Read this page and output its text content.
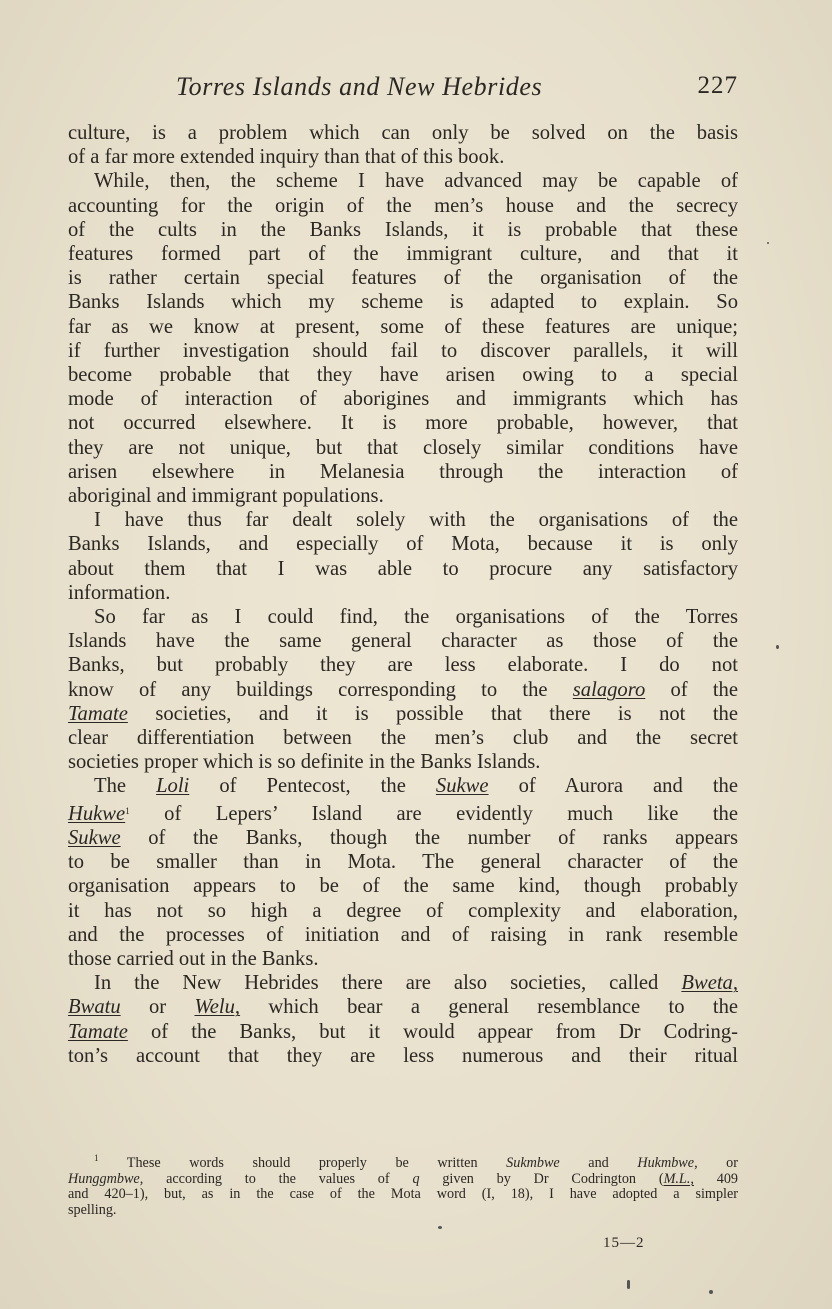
Torres Islands and New Hebrides	227
culture, is a problem which can only be solved on the basis
of a far more extended inquiry than that of this book.
While, then, the scheme I have advanced may be capable of
accounting for the origin of the men’s house and the secrecy
of the cults in the Banks Islands, it is probable that these
features formed part of the immigrant culture, and that it
is rather certain special features of the organisation of the
Banks Islands which my scheme is adapted to explain. So
far as we know at present, some of these features are unique;
if further investigation should fail to discover parallels, it will
become probable that they have arisen owing to a special
mode of interaction of aborigines and immigrants which has
not occurred elsewhere. It is more probable, however, that
they are not unique, but that closely similar conditions have
arisen elsewhere in Melanesia through the interaction of
aboriginal and immigrant populations.
I have thus far dealt solely with the organisations of the
Banks Islands, and especially of Mota, because it is only
about them that I was able to procure any satisfactory
information.
So far as I could find, the organisations of the Torres
Islands have the same general character as those of the
Banks, but probably they are less elaborate. I do not
know of any buildings corresponding to the salagoro of the
Tamate societies, and it is possible that there is not the
clear differentiation between the men’s club and the secret
societies proper which is so definite in the Banks Islands.
The Loli of Pentecost, the Sukwe of Aurora and the
Hukwe$^1$ of Lepers’ Island are evidently much like the
Sukwe of the Banks, though the number of ranks appears
to be smaller than in Mota. The general character of the
organisation appears to be of the same kind, though probably
it has not so high a degree of complexity and elaboration,
and the processes of initiation and of raising in rank resemble
those carried out in the Banks.
In the New Hebrides there are also societies, called Bweta,
Bwatu or Welu, which bear a general resemblance to the
Tamate of the Banks, but it would appear from Dr Codring-
ton’s account that they are less numerous and their ritual
$^1$ These words should properly be written Sukmbwe and Hukmbwe, or
Hunggmbwe, according to the values of q given by Dr Codrington (M.L., 409
and 420–1), but, as in the case of the Mota word (I, 18), I have adopted a simpler
spelling.
15—2
